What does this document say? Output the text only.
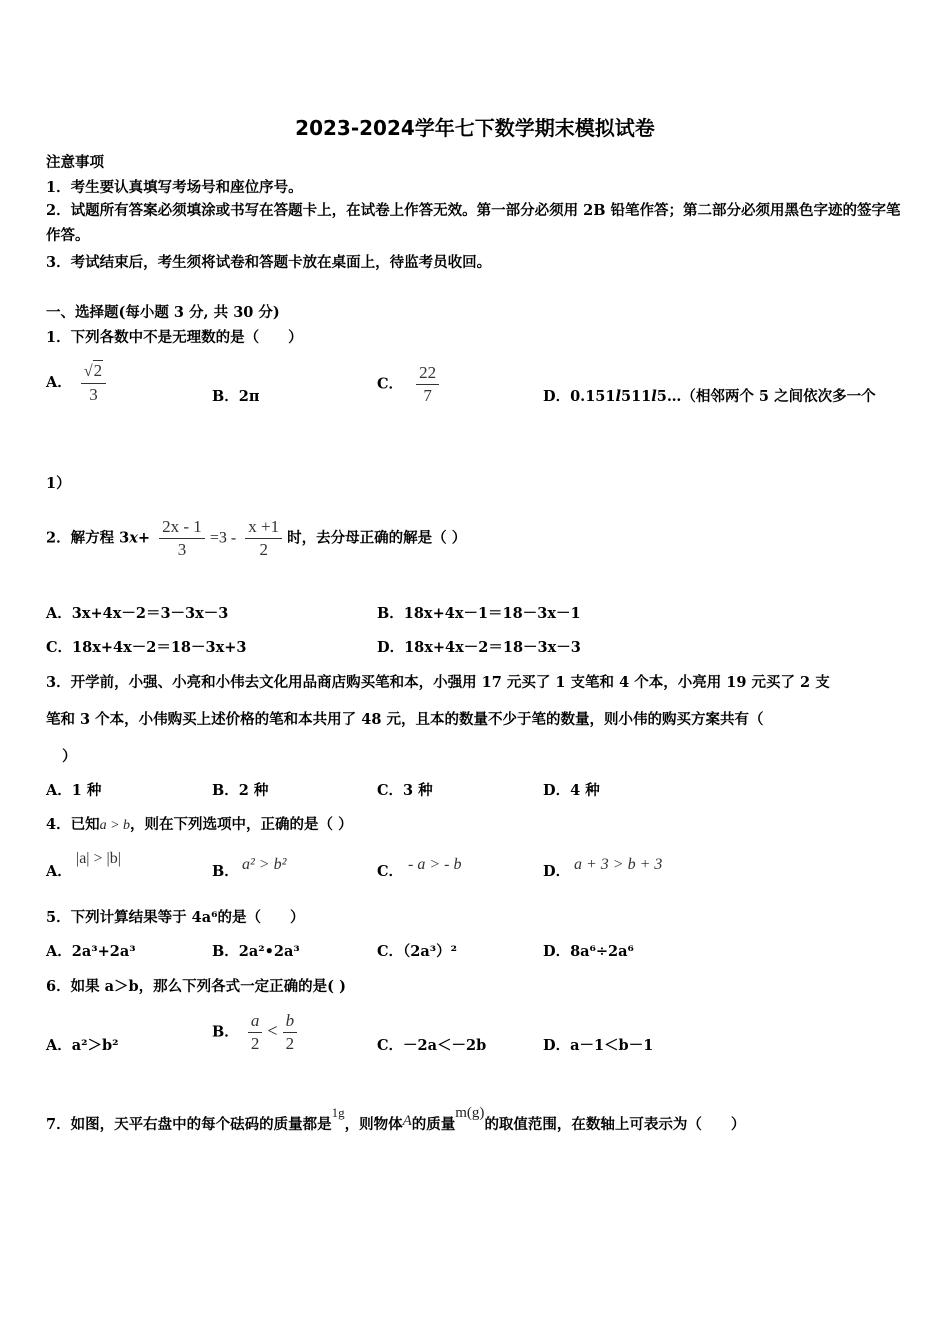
2023-2024学年七下数学期末模拟试卷
注意事项
1．考生要认真填写考场号和座位序号。
2．试题所有答案必须填涂或书写在答题卡上，在试卷上作答无效。第一部分必须用 2B 铅笔作答；第二部分必须用黑色字迹的签字笔作答。
3．考试结束后，考生须将试卷和答题卡放在桌面上，待监考员收回。
一、选择题(每小题 3 分, 共 30 分)
1．下列各数中不是无理数的是（　　）
A． $\frac{√2}{3}$	B．2π
C． $\frac{22}{7}$	D．0.151l511l5…（相邻两个 5 之间依次多一个
1）
2．解方程 $3x+ \frac{2x - 1}{3} =3 - \frac{x +1}{2}$ 时，去分母正确的解是（ ）
A．3x+4x－2＝3－3x－3	B．18x+4x－1＝18－3x－1
C．18x+4x－2＝18－3x+3	D．18x+4x－2＝18－3x－3
3．开学前，小强、小亮和小伟去文化用品商店购买笔和本，小强用 17 元买了 1 支笔和 4 个本，小亮用 19 元买了 2 支
笔和 3 个本，小伟购买上述价格的笔和本共用了 48 元，且本的数量不少于笔的数量，则小伟的购买方案共有（
）
A．1 种	B．2 种	C．3 种	D．4 种
4．已知a > b，则在下列选项中，正确的是（ ）
A．
|a| > |b|
B． a² > b²	C． - a > - b	D． a + 3 > b + 3
5．下列计算结果等于 4a⁶的是（　　）
A．2a³+2a³	B．2a²•2a³	C．（2a³）²	D．8a⁶÷2a⁶
6．如果 a＞b，那么下列各式一定正确的是( )
A．a²＞b²
B． $\frac{a}{2} < \frac{b}{2}$	C．－2a＜－2b	D．a－1＜b－1
7．如图，天平右盘中的每个砝码的质量都是1g，则物体A的质量m(g)的取值范围，在数轴上可表示为（　　）
